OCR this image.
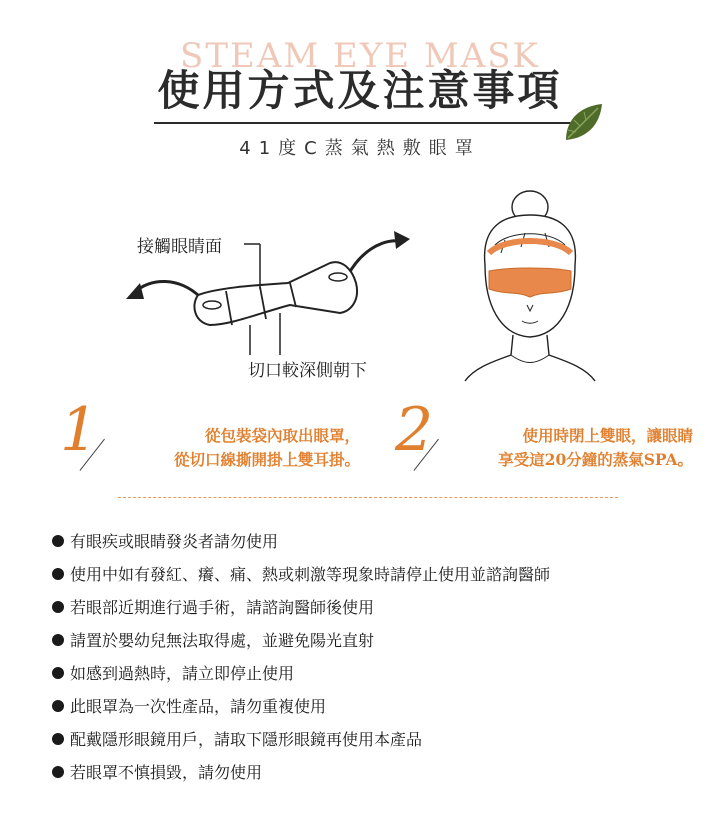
STEAM EYE MASK
使用方式及注意事項
41度C蒸氣熱敷眼罩
接觸眼睛面
切口較深側朝下
1	從包裝袋內取出眼罩，
從切口線撕開掛上雙耳掛。 2	使用時閉上雙眼，讓眼睛
享受這20分鐘的蒸氣SPA。
有眼疾或眼睛發炎者請勿使用
使用中如有發紅、癢、痛、熱或刺激等現象時請停止使用並諮詢醫師
若眼部近期進行過手術，請諮詢醫師後使用
請置於嬰幼兒無法取得處，並避免陽光直射
如感到過熱時，請立即停止使用
此眼罩為一次性產品，請勿重複使用
配戴隱形眼鏡用戶，請取下隱形眼鏡再使用本產品
若眼罩不慎損毀，請勿使用
